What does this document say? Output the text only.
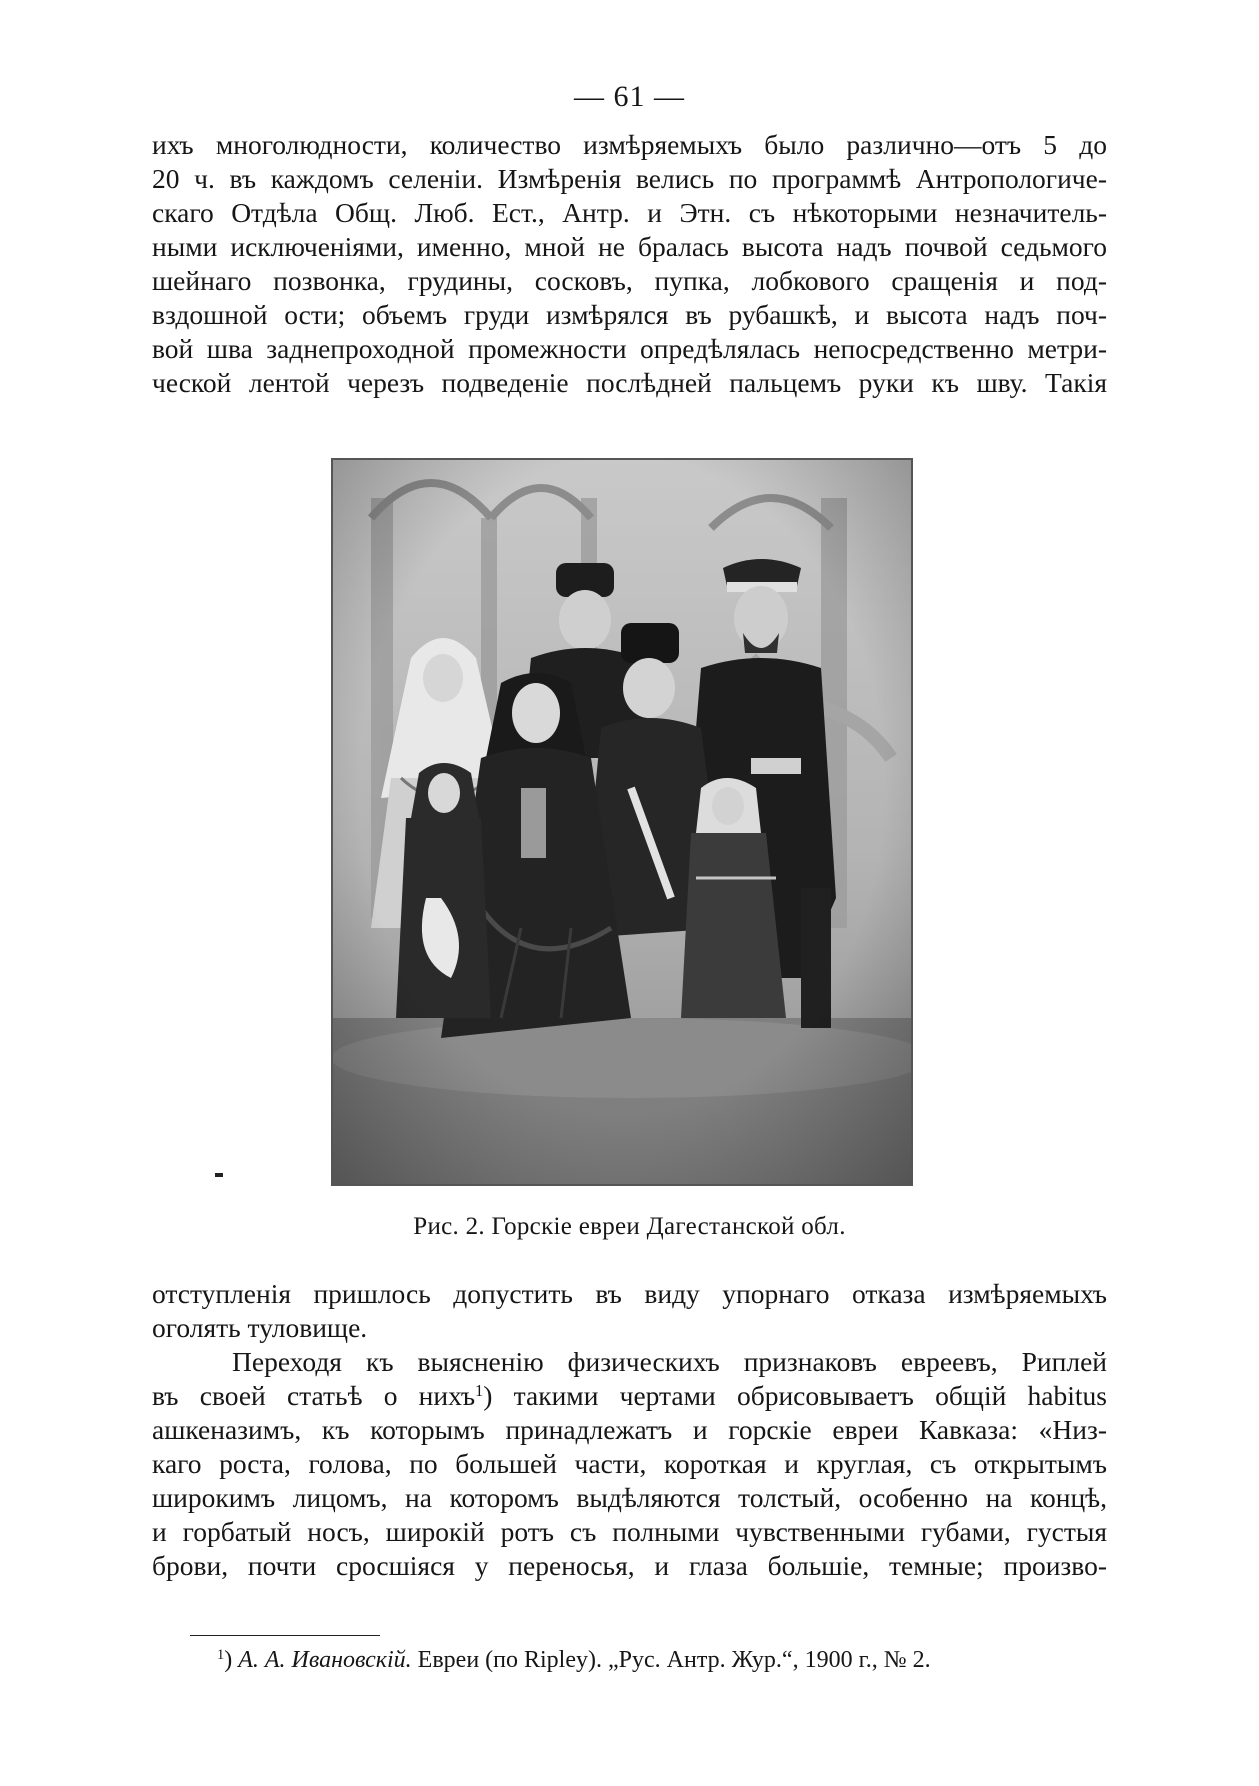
— 61 —
ихъ многолюдности, количество измѣряемыхъ было различно—отъ 5 до
20 ч. въ каждомъ селеніи. Измѣренія велись по программѣ Антропологиче-
скаго Отдѣла Общ. Люб. Ест., Антр. и Этн. съ нѣкоторыми незначитель-
ными исключеніями, именно, мной не бралась высота надъ почвой седьмого
шейнаго позвонка, грудины, сосковъ, пупка, лобкового сращенія и под-
вздошной ости; объемъ груди измѣрялся въ рубашкѣ, и высота надъ поч-
вой шва заднепроходной промежности опредѣлялась непосредственно метри-
ческой лентой черезъ подведеніе послѣдней пальцемъ руки къ шву. Такія
Рис. 2. Горскіе евреи Дагестанской обл.
отступленія пришлось допустить въ виду упорнаго отказа измѣряемыхъ
оголять туловище.
Переходя къ выясненію физическихъ признаковъ евреевъ, Риплей
въ своей статьѣ о нихъ$^1$) такими чертами обрисовываетъ общій habitus
ашкеназимъ, къ которымъ принадлежатъ и горскіе евреи Кавказа: «Низ-
каго роста, голова, по большей части, короткая и круглая, съ открытымъ
широкимъ лицомъ, на которомъ выдѣляются толстый, особенно на концѣ,
и горбатый носъ, широкій ротъ съ полными чувственными губами, густыя
брови, почти сросшіяся у переносья, и глаза большіе, темные; произво-
$^1$) А. А. Ивановскій. Евреи (по Ripley). „Рус. Антр. Жур.“, 1900 г., № 2.
